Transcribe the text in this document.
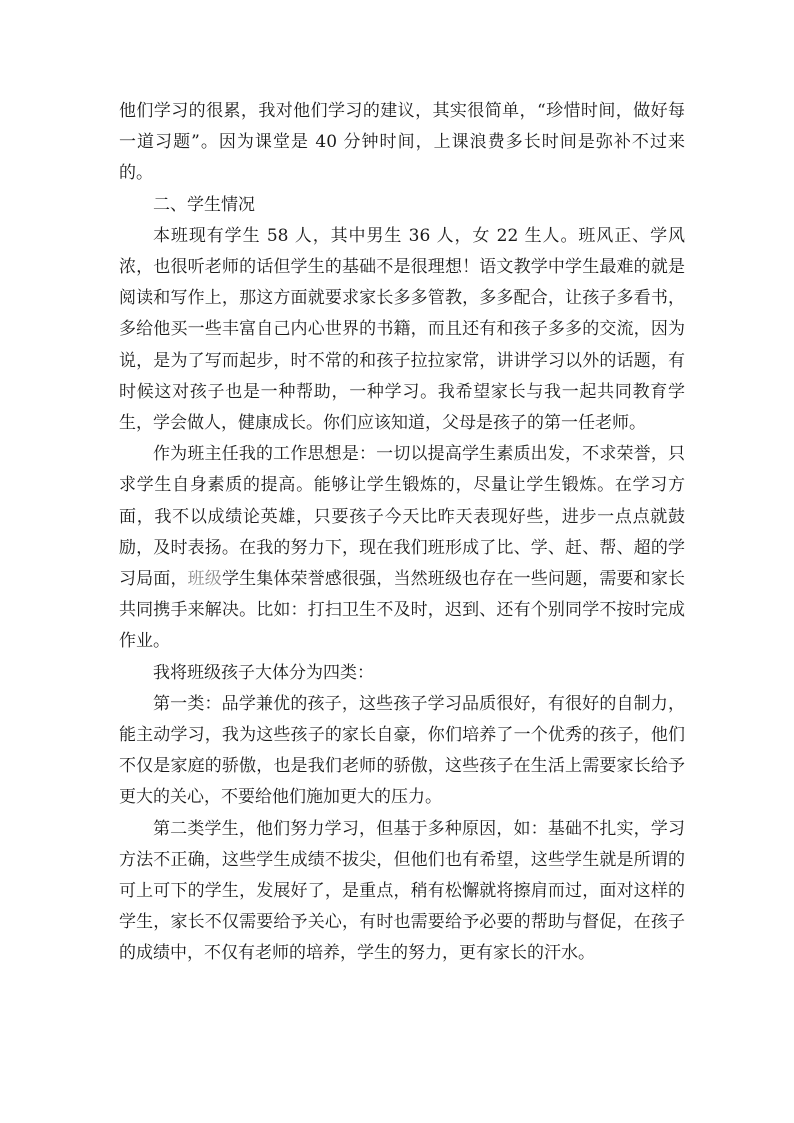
他们学习的很累，我对他们学习的建议，其实很简单，“珍惜时间，做好每一道习题”。因为课堂是 40 分钟时间，上课浪费多长时间是弥补不过来的。

二、学生情况

本班现有学生 58 人，其中男生 36 人，女 22 生人。班风正、学风浓，也很听老师的话但学生的基础不是很理想！语文教学中学生最难的就是阅读和写作上，那这方面就要求家长多多管教，多多配合，让孩子多看书，多给他买一些丰富自己内心世界的书籍，而且还有和孩子多多的交流，因为说，是为了写而起步，时不常的和孩子拉拉家常，讲讲学习以外的话题，有时候这对孩子也是一种帮助，一种学习。我希望家长与我一起共同教育学生，学会做人，健康成长。你们应该知道，父母是孩子的第一任老师。

作为班主任我的工作思想是：一切以提高学生素质出发，不求荣誉，只求学生自身素质的提高。能够让学生锻炼的，尽量让学生锻炼。在学习方面，我不以成绩论英雄，只要孩子今天比昨天表现好些，进步一点点就鼓励，及时表扬。在我的努力下，现在我们班形成了比、学、赶、帮、超的学习局面，班级学生集体荣誉感很强，当然班级也存在一些问题，需要和家长共同携手来解决。比如：打扫卫生不及时，迟到、还有个别同学不按时完成作业。

我将班级孩子大体分为四类：

第一类：品学兼优的孩子，这些孩子学习品质很好，有很好的自制力，能主动学习，我为这些孩子的家长自豪，你们培养了一个优秀的孩子，他们不仅是家庭的骄傲，也是我们老师的骄傲，这些孩子在生活上需要家长给予更大的关心，不要给他们施加更大的压力。

第二类学生，他们努力学习，但基于多种原因，如：基础不扎实，学习方法不正确，这些学生成绩不拔尖，但他们也有希望，这些学生就是所谓的可上可下的学生，发展好了，是重点，稍有松懈就将擦肩而过，面对这样的学生，家长不仅需要给予关心，有时也需要给予必要的帮助与督促，在孩子的成绩中，不仅有老师的培养，学生的努力，更有家长的汗水。
